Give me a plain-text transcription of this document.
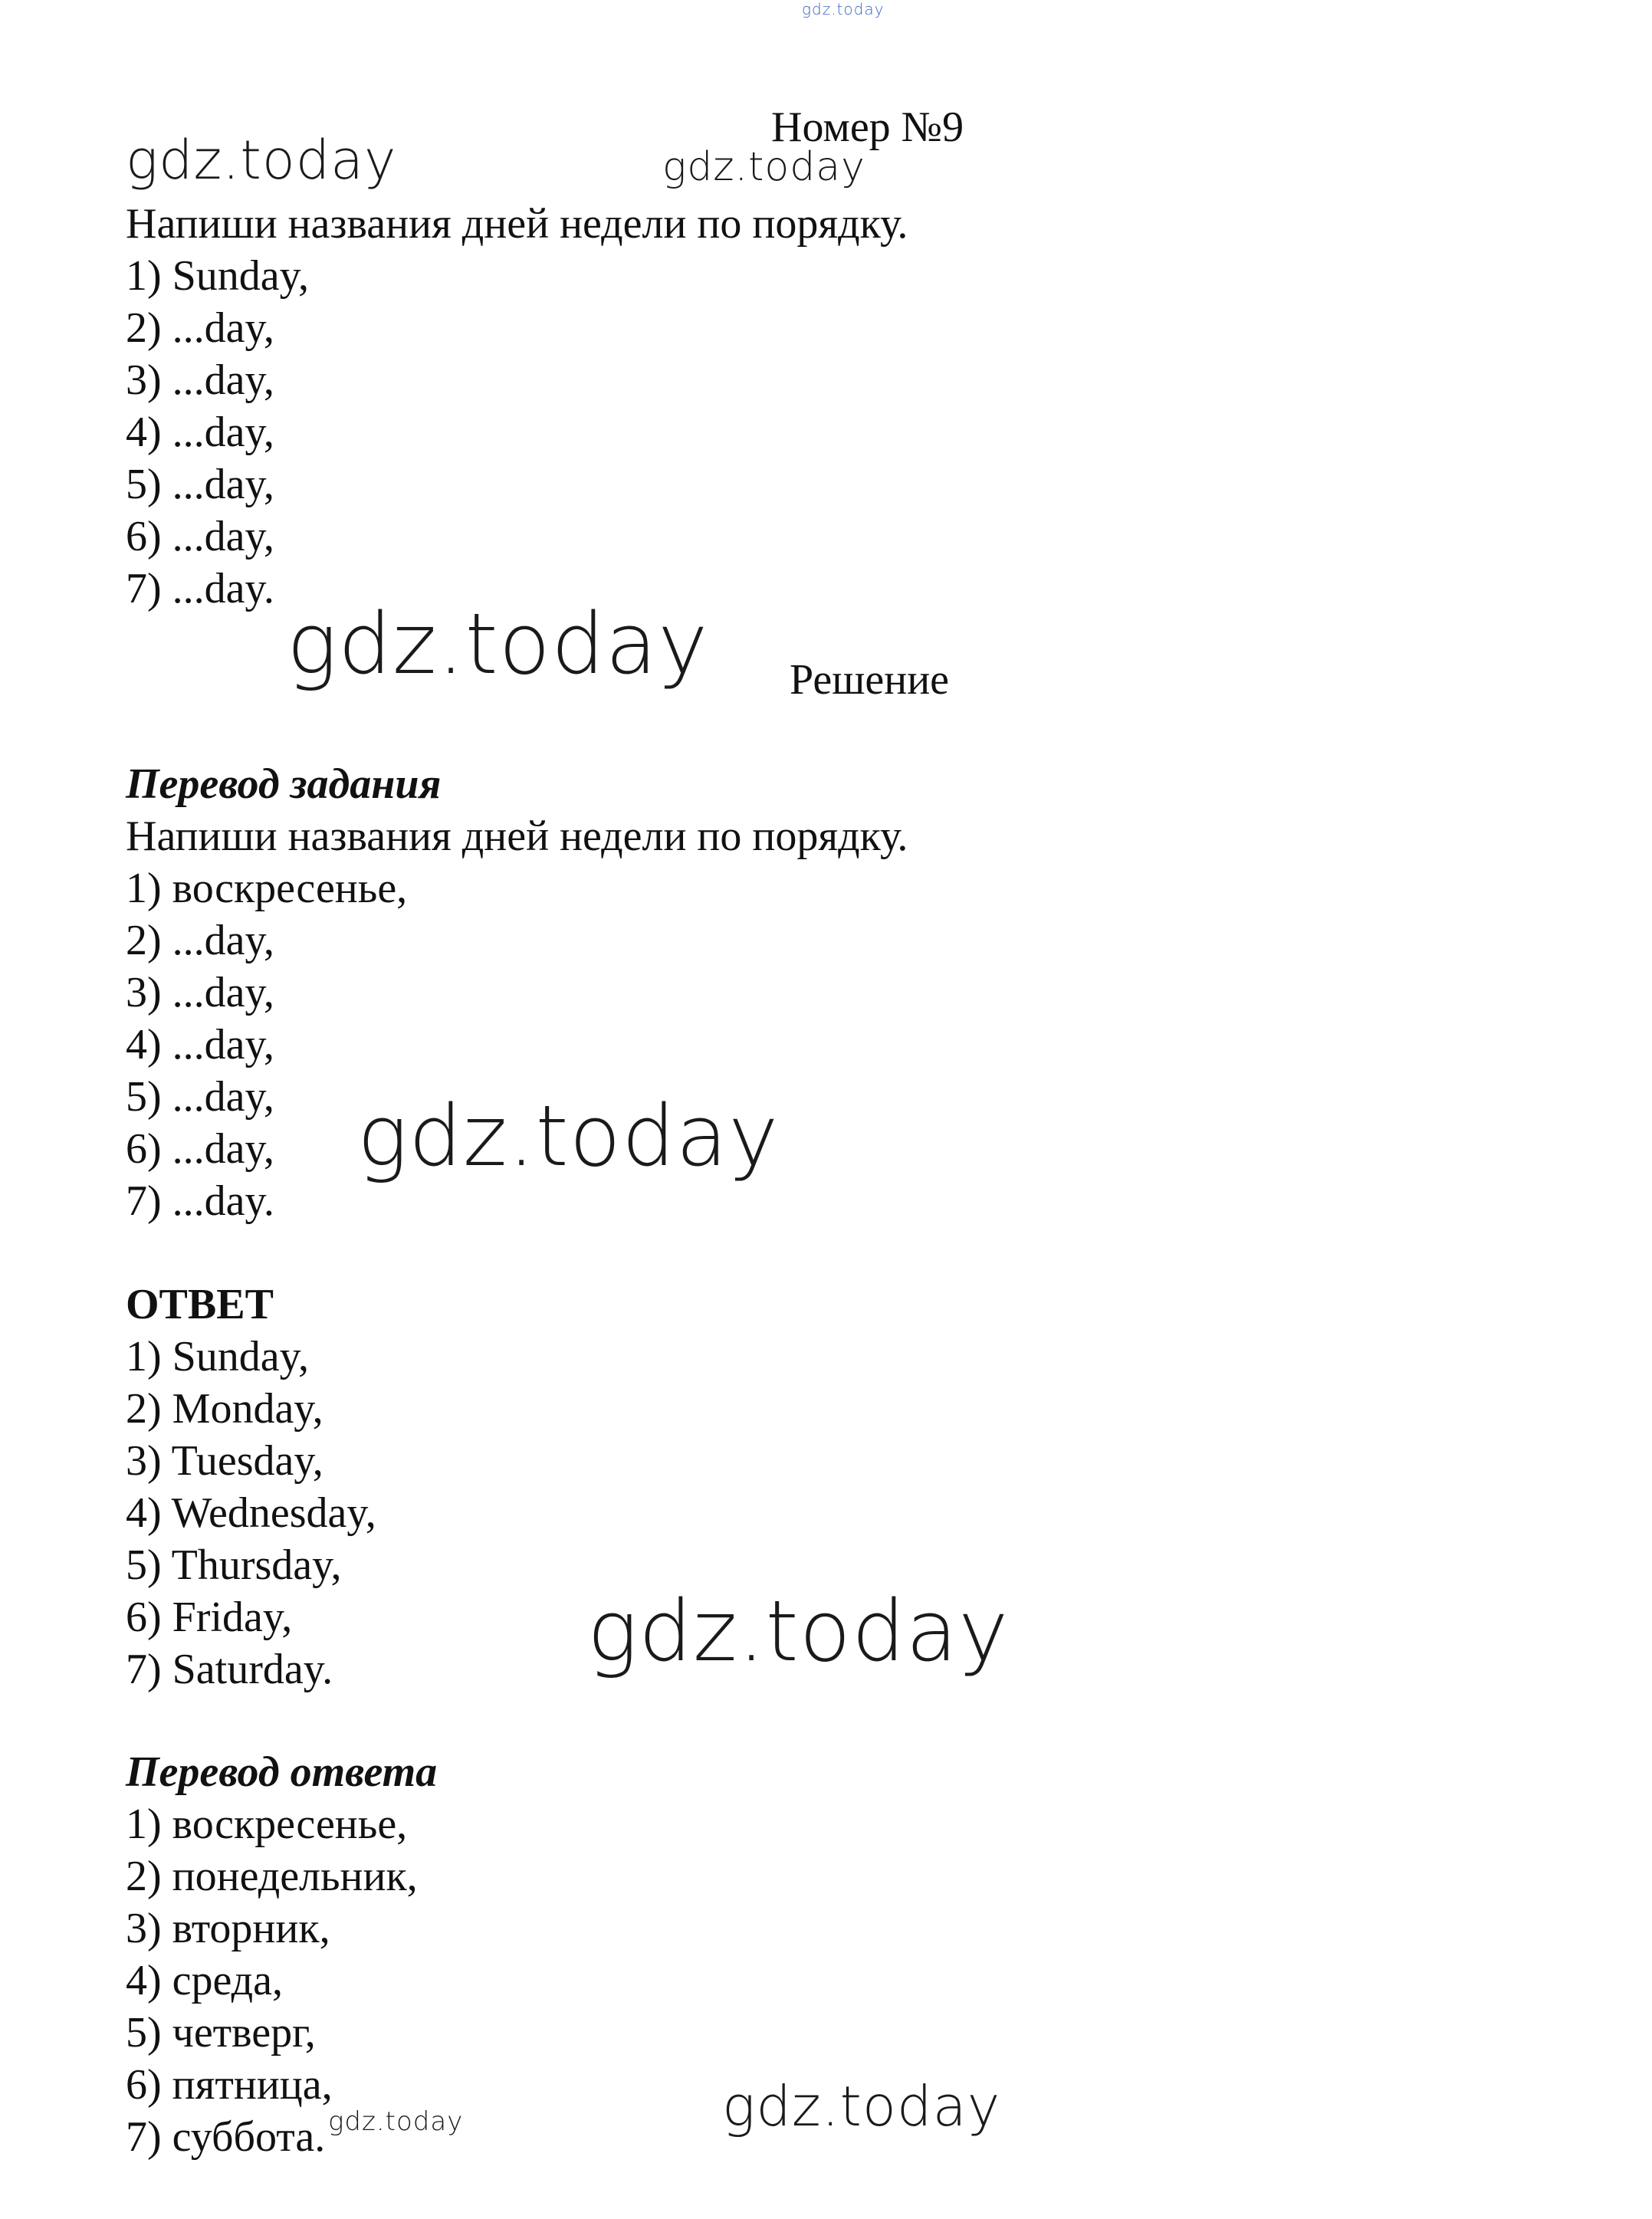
gdz.today
Номер №9
gdz.today	gdz.today

Напиши названия дней недели по порядку.

1) Sunday,

2) ...day,

3) ...day,

4) ...day,

5) ...day,

6) ...day,

7) ...day.

gdz.today Решение

Перевод задания

Напиши названия дней недели по порядку.

1) воскресенье,

2) ...day,

3) ...day,

4) ...day,

5) ...day,

6) ...day,

7) ...day.

gdz.today

ОТВЕТ

1) Sunday,

2) Monday,

3) Tuesday,

4) Wednesday,

5) Thursday,

6) Friday,

7) Saturday.	gdz.today

Перевод ответа

1) воскресенье,

2) понедельник,

3) вторник,

4) среда,

5) четверг,

6) пятница,

7) суббота. gdz.today	gdz.today
